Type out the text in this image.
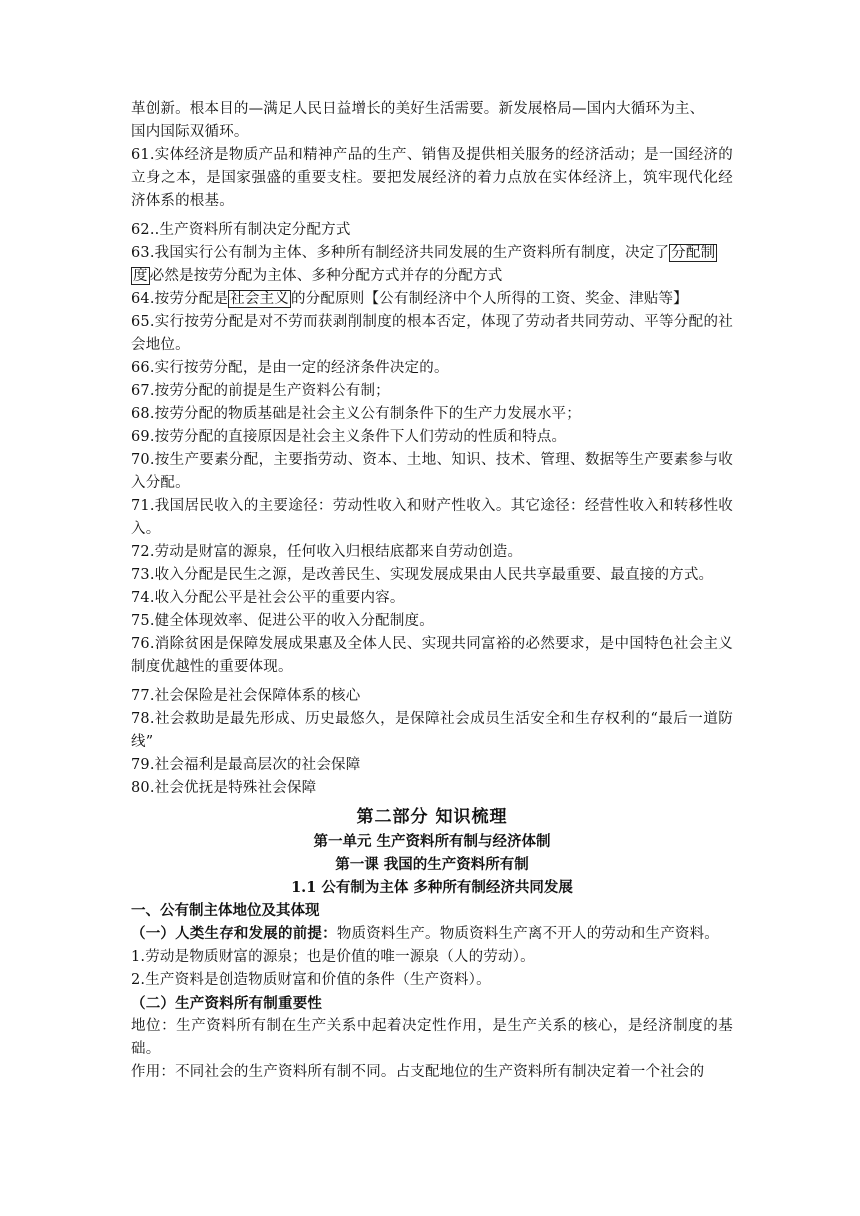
革创新。根本目的—满足人民日益增长的美好生活需要。新发展格局—国内大循环为主、

国内国际双循环。

61.实体经济是物质产品和精神产品的生产、销售及提供相关服务的经济活动；是一国经济的立身之本，是国家强盛的重要支柱。要把发展经济的着力点放在实体经济上，筑牢现代化经济体系的根基。

62..生产资料所有制决定分配方式

63.我国实行公有制为主体、多种所有制经济共同发展的生产资料所有制度，决定了 分配制
度 必然是按劳分配为主体、多种分配方式并存的分配方式

64.按劳分配是 社会主义 的分配原则【公有制经济中个人所得的工资、奖金、津贴等】

65.实行按劳分配是对不劳而获剥削制度的根本否定，体现了劳动者共同劳动、平等分配的社会地位。

66.实行按劳分配，是由一定的经济条件决定的。

67.按劳分配的前提是生产资料公有制；

68.按劳分配的物质基础是社会主义公有制条件下的生产力发展水平；

69.按劳分配的直接原因是社会主义条件下人们劳动的性质和特点。

70.按生产要素分配，主要指劳动、资本、土地、知识、技术、管理、数据等生产要素参与收入分配。

71.我国居民收入的主要途径：劳动性收入和财产性收入。其它途径：经营性收入和转移性收入。

72.劳动是财富的源泉，任何收入归根结底都来自劳动创造。

73.收入分配是民生之源，是改善民生、实现发展成果由人民共享最重要、最直接的方式。

74.收入分配公平是社会公平的重要内容。

75.健全体现效率、促进公平的收入分配制度。

76.消除贫困是保障发展成果惠及全体人民、实现共同富裕的必然要求，是中国特色社会主义制度优越性的重要体现。

77.社会保险是社会保障体系的核心

78.社会救助是最先形成、历史最悠久，是保障社会成员生活安全和生存权利的“最后一道防线”

79.社会福利是最高层次的社会保障

80.社会优抚是特殊社会保障

第二部分 知识梳理

第一单元 生产资料所有制与经济体制

第一课 我国的生产资料所有制

1.1 公有制为主体 多种所有制经济共同发展

一、公有制主体地位及其体现

（一）人类生存和发展的前提：物质资料生产。物质资料生产离不开人的劳动和生产资料。

1.劳动是物质财富的源泉；也是价值的唯一源泉（人的劳动）。

2.生产资料是创造物质财富和价值的条件（生产资料）。

（二）生产资料所有制重要性

地位：生产资料所有制在生产关系中起着决定性作用，是生产关系的核心，是经济制度的基础。

作用：不同社会的生产资料所有制不同。占支配地位的生产资料所有制决定着一个社会的
